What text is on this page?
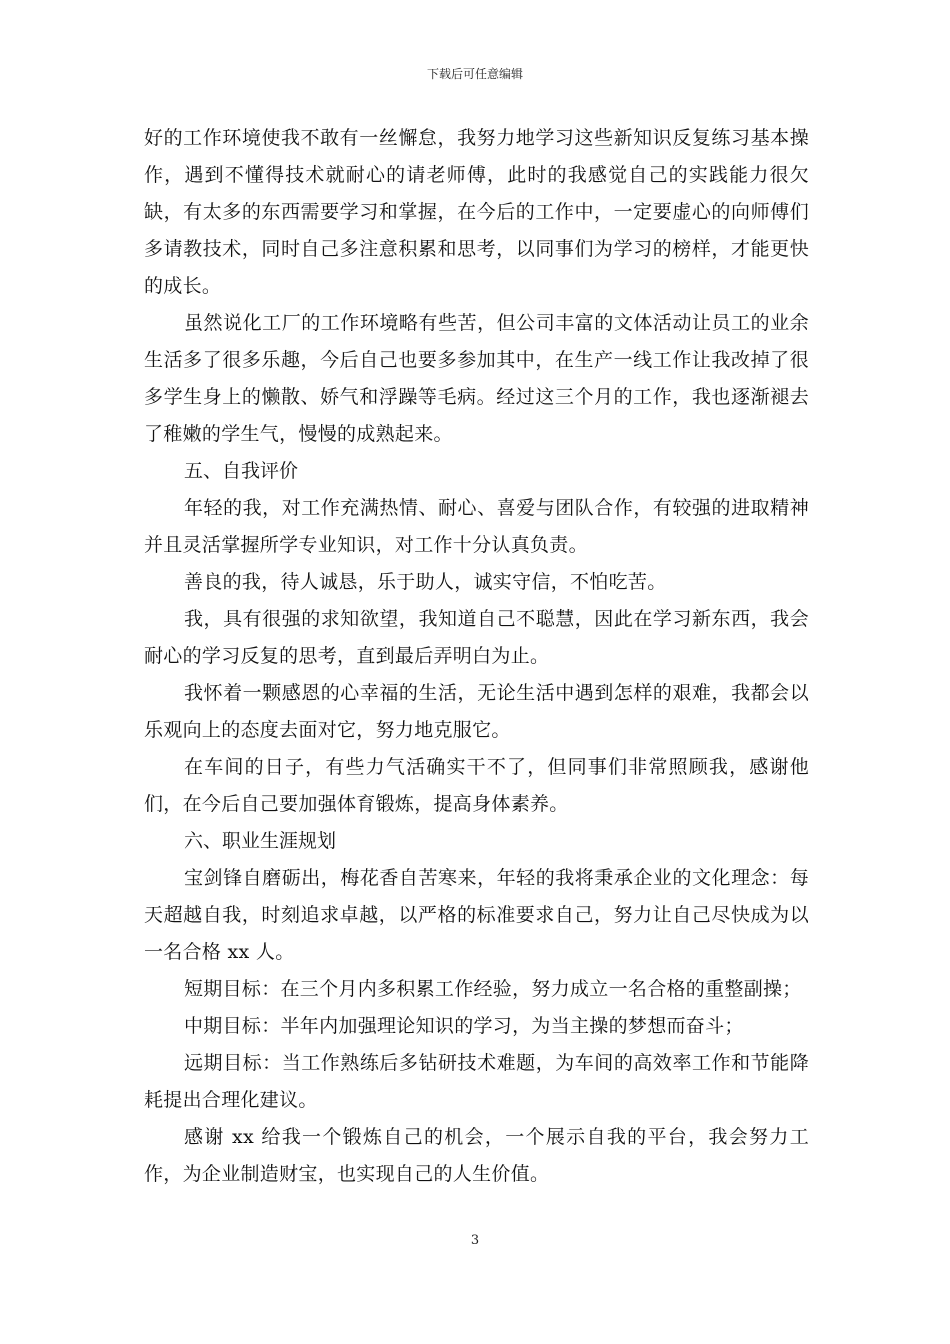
下载后可任意编辑

好的工作环境使我不敢有一丝懈怠，我努力地学习这些新知识反复练习基本操作，遇到不懂得技术就耐心的请老师傅，此时的我感觉自己的实践能力很欠缺，有太多的东西需要学习和掌握，在今后的工作中，一定要虚心的向师傅们多请教技术，同时自己多注意积累和思考，以同事们为学习的榜样，才能更快的成长。

虽然说化工厂的工作环境略有些苦，但公司丰富的文体活动让员工的业余生活多了很多乐趣，今后自己也要多参加其中，在生产一线工作让我改掉了很多学生身上的懒散、娇气和浮躁等毛病。经过这三个月的工作，我也逐渐褪去了稚嫩的学生气，慢慢的成熟起来。

五、自我评价

年轻的我，对工作充满热情、耐心、喜爱与团队合作，有较强的进取精神并且灵活掌握所学专业知识，对工作十分认真负责。

善良的我，待人诚恳，乐于助人，诚实守信，不怕吃苦。

我，具有很强的求知欲望，我知道自己不聪慧，因此在学习新东西，我会耐心的学习反复的思考，直到最后弄明白为止。

我怀着一颗感恩的心幸福的生活，无论生活中遇到怎样的艰难，我都会以乐观向上的态度去面对它，努力地克服它。

在车间的日子，有些力气活确实干不了，但同事们非常照顾我，感谢他们，在今后自己要加强体育锻炼，提高身体素养。

六、职业生涯规划

宝剑锋自磨砺出，梅花香自苦寒来，年轻的我将秉承企业的文化理念：每天超越自我，时刻追求卓越，以严格的标准要求自己，努力让自己尽快成为以一名合格 xx 人。

短期目标：在三个月内多积累工作经验，努力成立一名合格的重整副操；

中期目标：半年内加强理论知识的学习，为当主操的梦想而奋斗；

远期目标：当工作熟练后多钻研技术难题，为车间的高效率工作和节能降耗提出合理化建议。

感谢 xx 给我一个锻炼自己的机会，一个展示自我的平台，我会努力工作，为企业制造财宝，也实现自己的人生价值。

3
